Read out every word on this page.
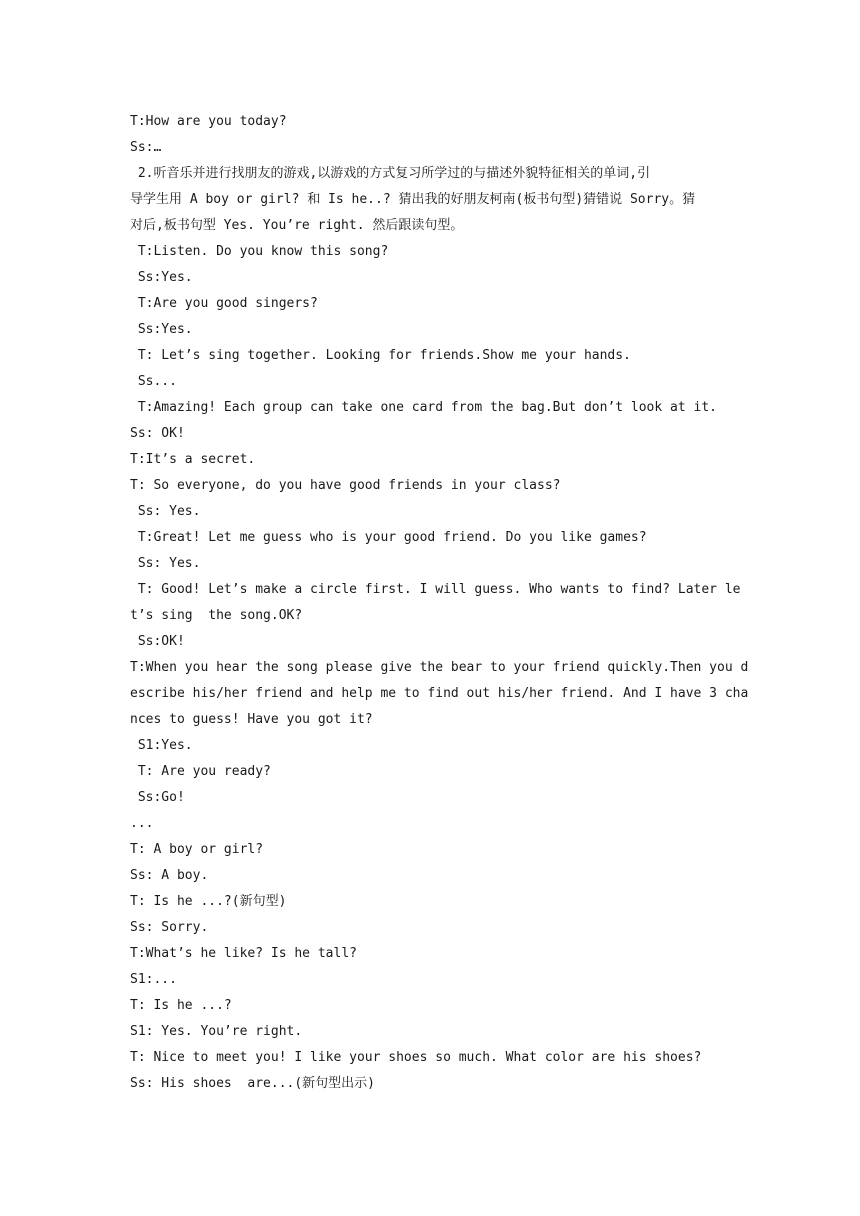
T:How are you today?
Ss:…
2.听音乐并进行找朋友的游戏,以游戏的方式复习所学过的与描述外貌特征相关的单词,引
导学生用 A boy or girl? 和 Is he..? 猜出我的好朋友柯南(板书句型)猜错说 Sorry。猜
对后,板书句型 Yes. You’re right. 然后跟读句型。
T:Listen. Do you know this song?
Ss:Yes.
T:Are you good singers?
Ss:Yes.
T: Let’s sing together. Looking for friends.Show me your hands.
Ss...
T:Amazing! Each group can take one card from the bag.But don’t look at it.
Ss: OK!
T:It’s a secret.
T: So everyone, do you have good friends in your class?
Ss: Yes.
T:Great! Let me guess who is your good friend. Do you like games?
Ss: Yes.
T: Good! Let’s make a circle first. I will guess. Who wants to find? Later le
t’s sing  the song.OK?
Ss:OK!
T:When you hear the song please give the bear to your friend quickly.Then you d
escribe his/her friend and help me to find out his/her friend. And I have 3 cha
nces to guess! Have you got it?
S1:Yes.
T: Are you ready?
Ss:Go!
...
T: A boy or girl?
Ss: A boy.
T: Is he ...?(新句型)
Ss: Sorry.
T:What’s he like? Is he tall?
S1:...
T: Is he ...?
S1: Yes. You’re right.
T: Nice to meet you! I like your shoes so much. What color are his shoes?
Ss: His shoes  are...(新句型出示)
